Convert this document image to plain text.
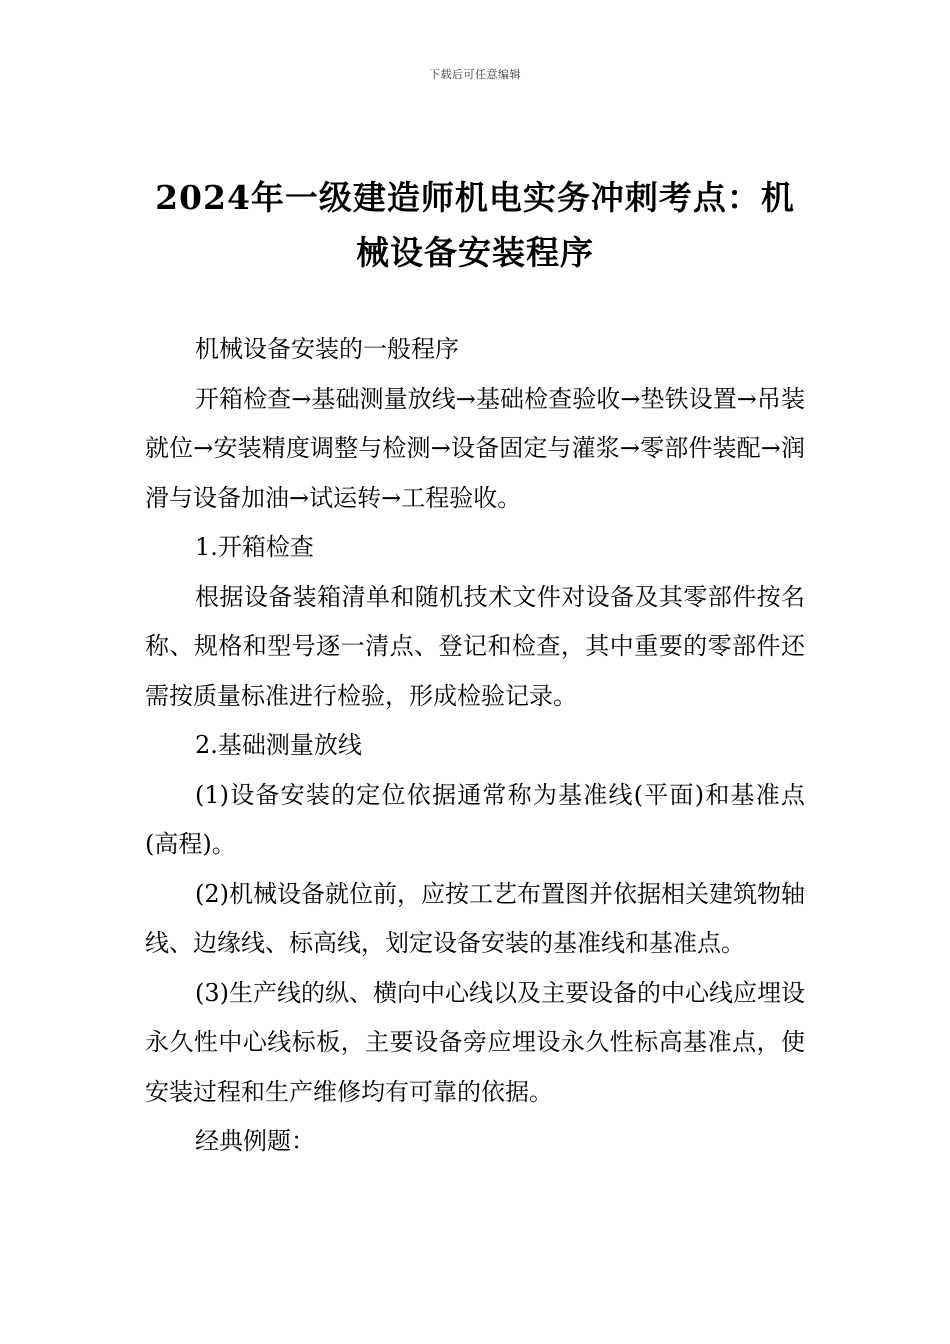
下载后可任意编辑
2024年一级建造师机电实务冲刺考点：机械设备安装程序

机械设备安装的一般程序

开箱检查→基础测量放线→基础检查验收→垫铁设置→吊装就位→安装精度调整与检测→设备固定与灌浆→零部件装配→润滑与设备加油→试运转→工程验收。

1.开箱检查

根据设备装箱清单和随机技术文件对设备及其零部件按名称、规格和型号逐一清点、登记和检查，其中重要的零部件还需按质量标准进行检验，形成检验记录。

2.基础测量放线

(1)设备安装的定位依据通常称为基准线(平面)和基准点(高程)。

(2)机械设备就位前，应按工艺布置图并依据相关建筑物轴线、边缘线、标高线，划定设备安装的基准线和基准点。

(3)生产线的纵、横向中心线以及主要设备的中心线应埋设永久性中心线标板，主要设备旁应埋设永久性标高基准点，使安装过程和生产维修均有可靠的依据。

经典例题：
